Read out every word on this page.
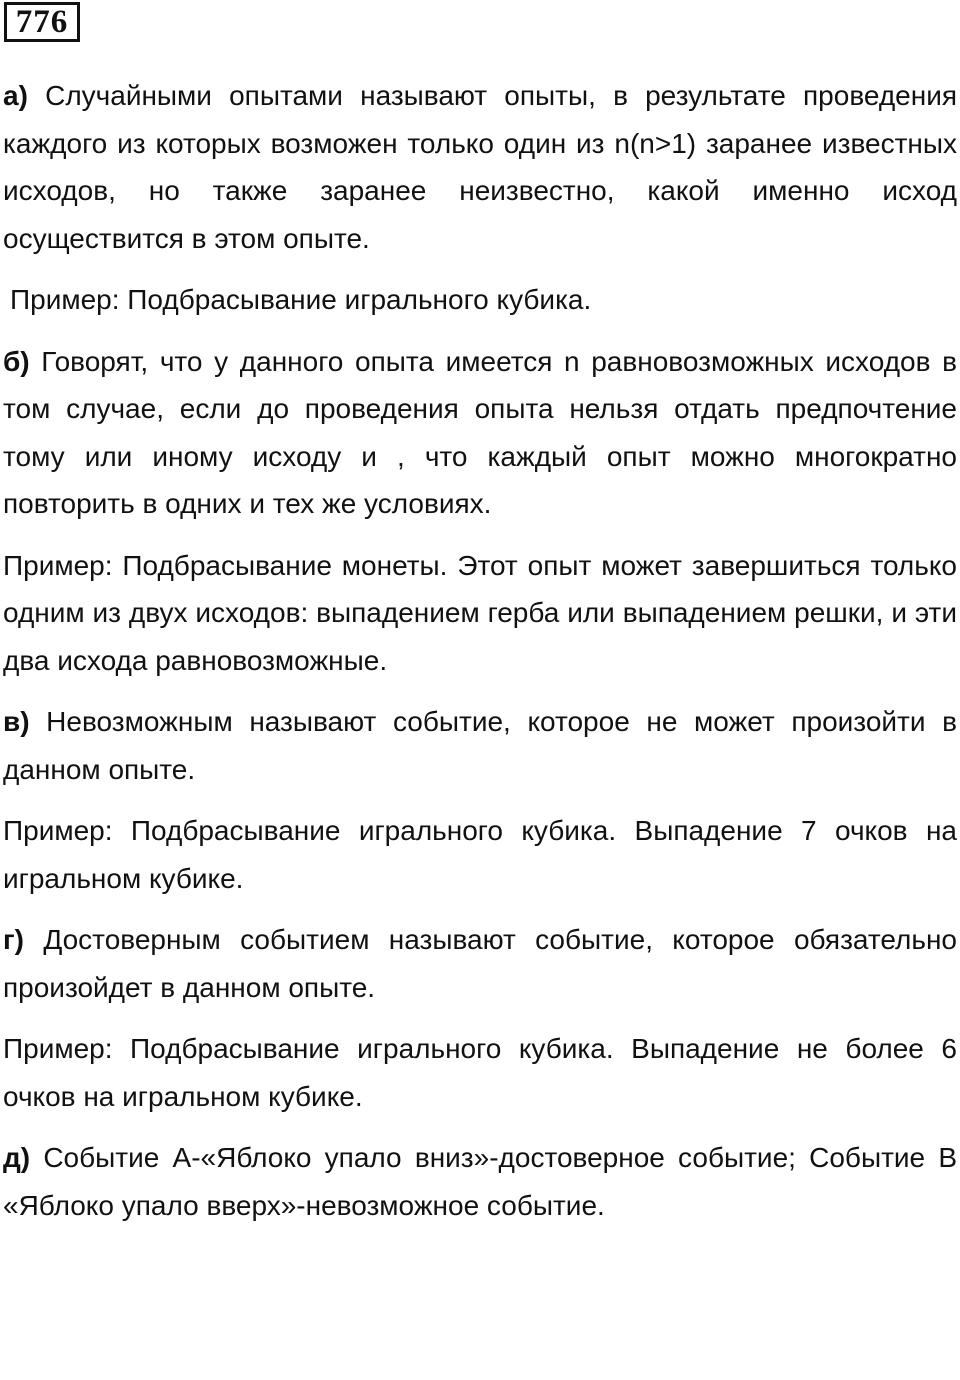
776

а) Случайными опытами называют опыты, в результате проведения каждого из которых возможен только один из n(n>1) заранее известных исходов, но также заранее неизвестно, какой именно исход осуществится в этом опыте.

Пример: Подбрасывание игрального кубика.

б) Говорят, что у данного опыта имеется n равновозможных исходов в том случае, если до проведения опыта нельзя отдать предпочтение тому или иному исходу и , что каждый опыт можно многократно повторить в одних и тех же условиях.

Пример: Подбрасывание монеты. Этот опыт может завершиться только одним из двух исходов: выпадением герба или выпадением решки, и эти два исхода равновозможные.

в) Невозможным называют событие, которое не может произойти в данном опыте.

Пример: Подбрасывание игрального кубика. Выпадение 7 очков на игральном кубике.

г) Достоверным событием называют событие, которое обязательно произойдет в данном опыте.

Пример: Подбрасывание игрального кубика. Выпадение не более 6 очков на игральном кубике.

д) Событие А-«Яблоко упало вниз»-достоверное событие; Событие В «Яблоко упало вверх»-невозможное событие.
